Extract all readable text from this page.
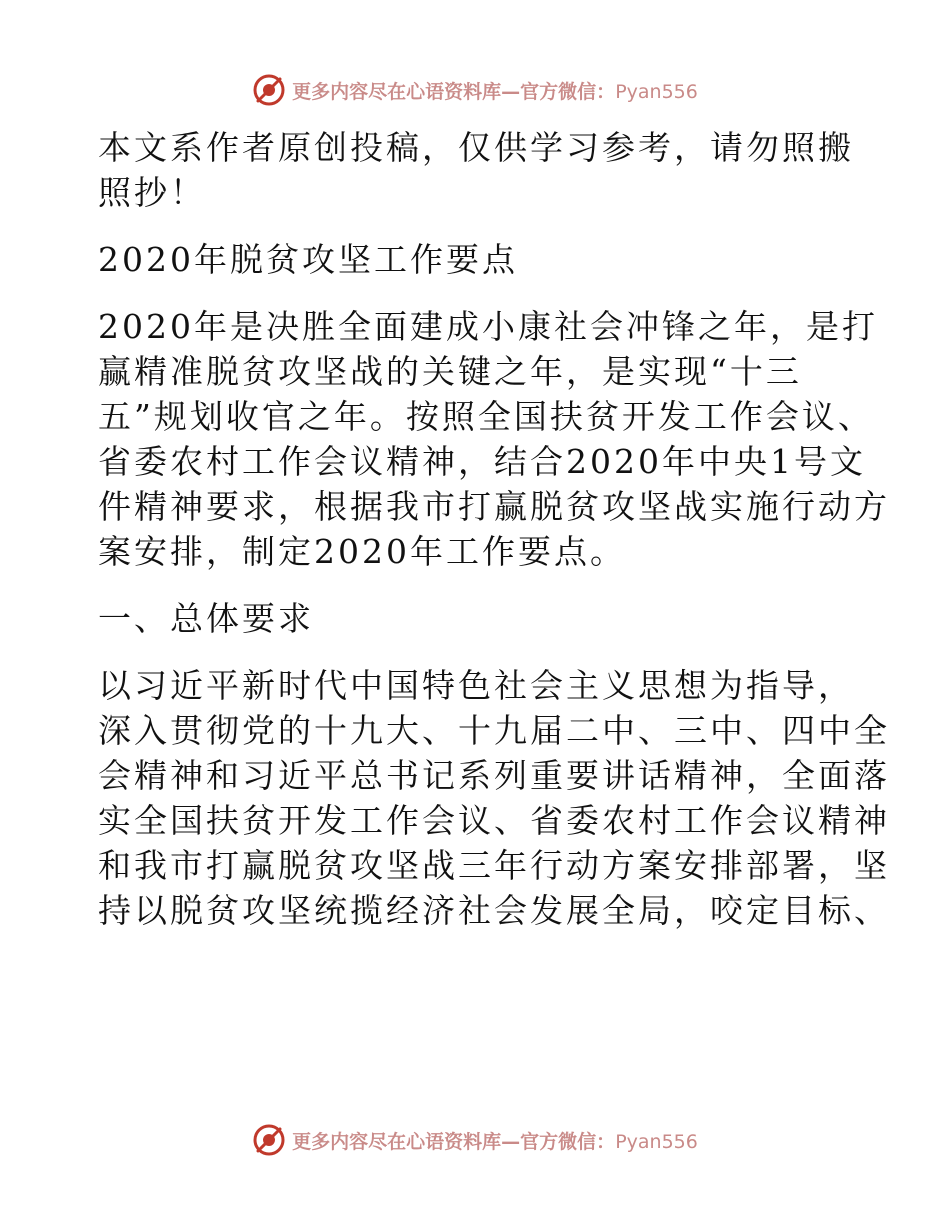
更多内容尽在心语资料库—官方微信：Pyan556
本文系作者原创投稿，仅供学习参考，请勿照搬
照抄！
2020年脱贫攻坚工作要点
2020年是决胜全面建成小康社会冲锋之年，是打
赢精准脱贫攻坚战的关键之年，是实现“十三
五”规划收官之年。按照全国扶贫开发工作会议、
省委农村工作会议精神，结合2020年中央1号文
件精神要求，根据我市打赢脱贫攻坚战实施行动方
案安排，制定2020年工作要点。
一、总体要求
以习近平新时代中国特色社会主义思想为指导，
深入贯彻党的十九大、十九届二中、三中、四中全
会精神和习近平总书记系列重要讲话精神，全面落
实全国扶贫开发工作会议、省委农村工作会议精神
和我市打赢脱贫攻坚战三年行动方案安排部署，坚
持以脱贫攻坚统揽经济社会发展全局，咬定目标、
更多内容尽在心语资料库—官方微信：Pyan556
